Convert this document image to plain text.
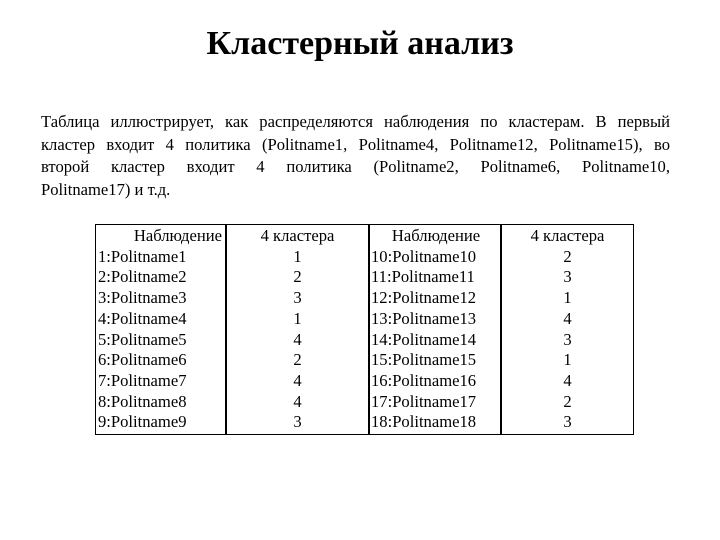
Кластерный анализ
Таблица иллюстрирует, как распределяются наблюдения по кластерам. В первый
кластер входит 4 политика (Politname1, Politname4, Politname12, Politname15), во
второй кластер входит 4 политика (Politname2, Politname6, Politname10,
Politname17) и т.д.
Наблюдение	4 кластера	Наблюдение	4 кластера
1:Politname1	1	10:Politname10	2
2:Politname2	2	11:Politname11	3
3:Politname3	3	12:Politname12	1
4:Politname4	1	13:Politname13	4
5:Politname5	4	14:Politname14	3
6:Politname6	2	15:Politname15	1
7:Politname7	4	16:Politname16	4
8:Politname8	4	17:Politname17	2
9:Politname9	3	18:Politname18	3
